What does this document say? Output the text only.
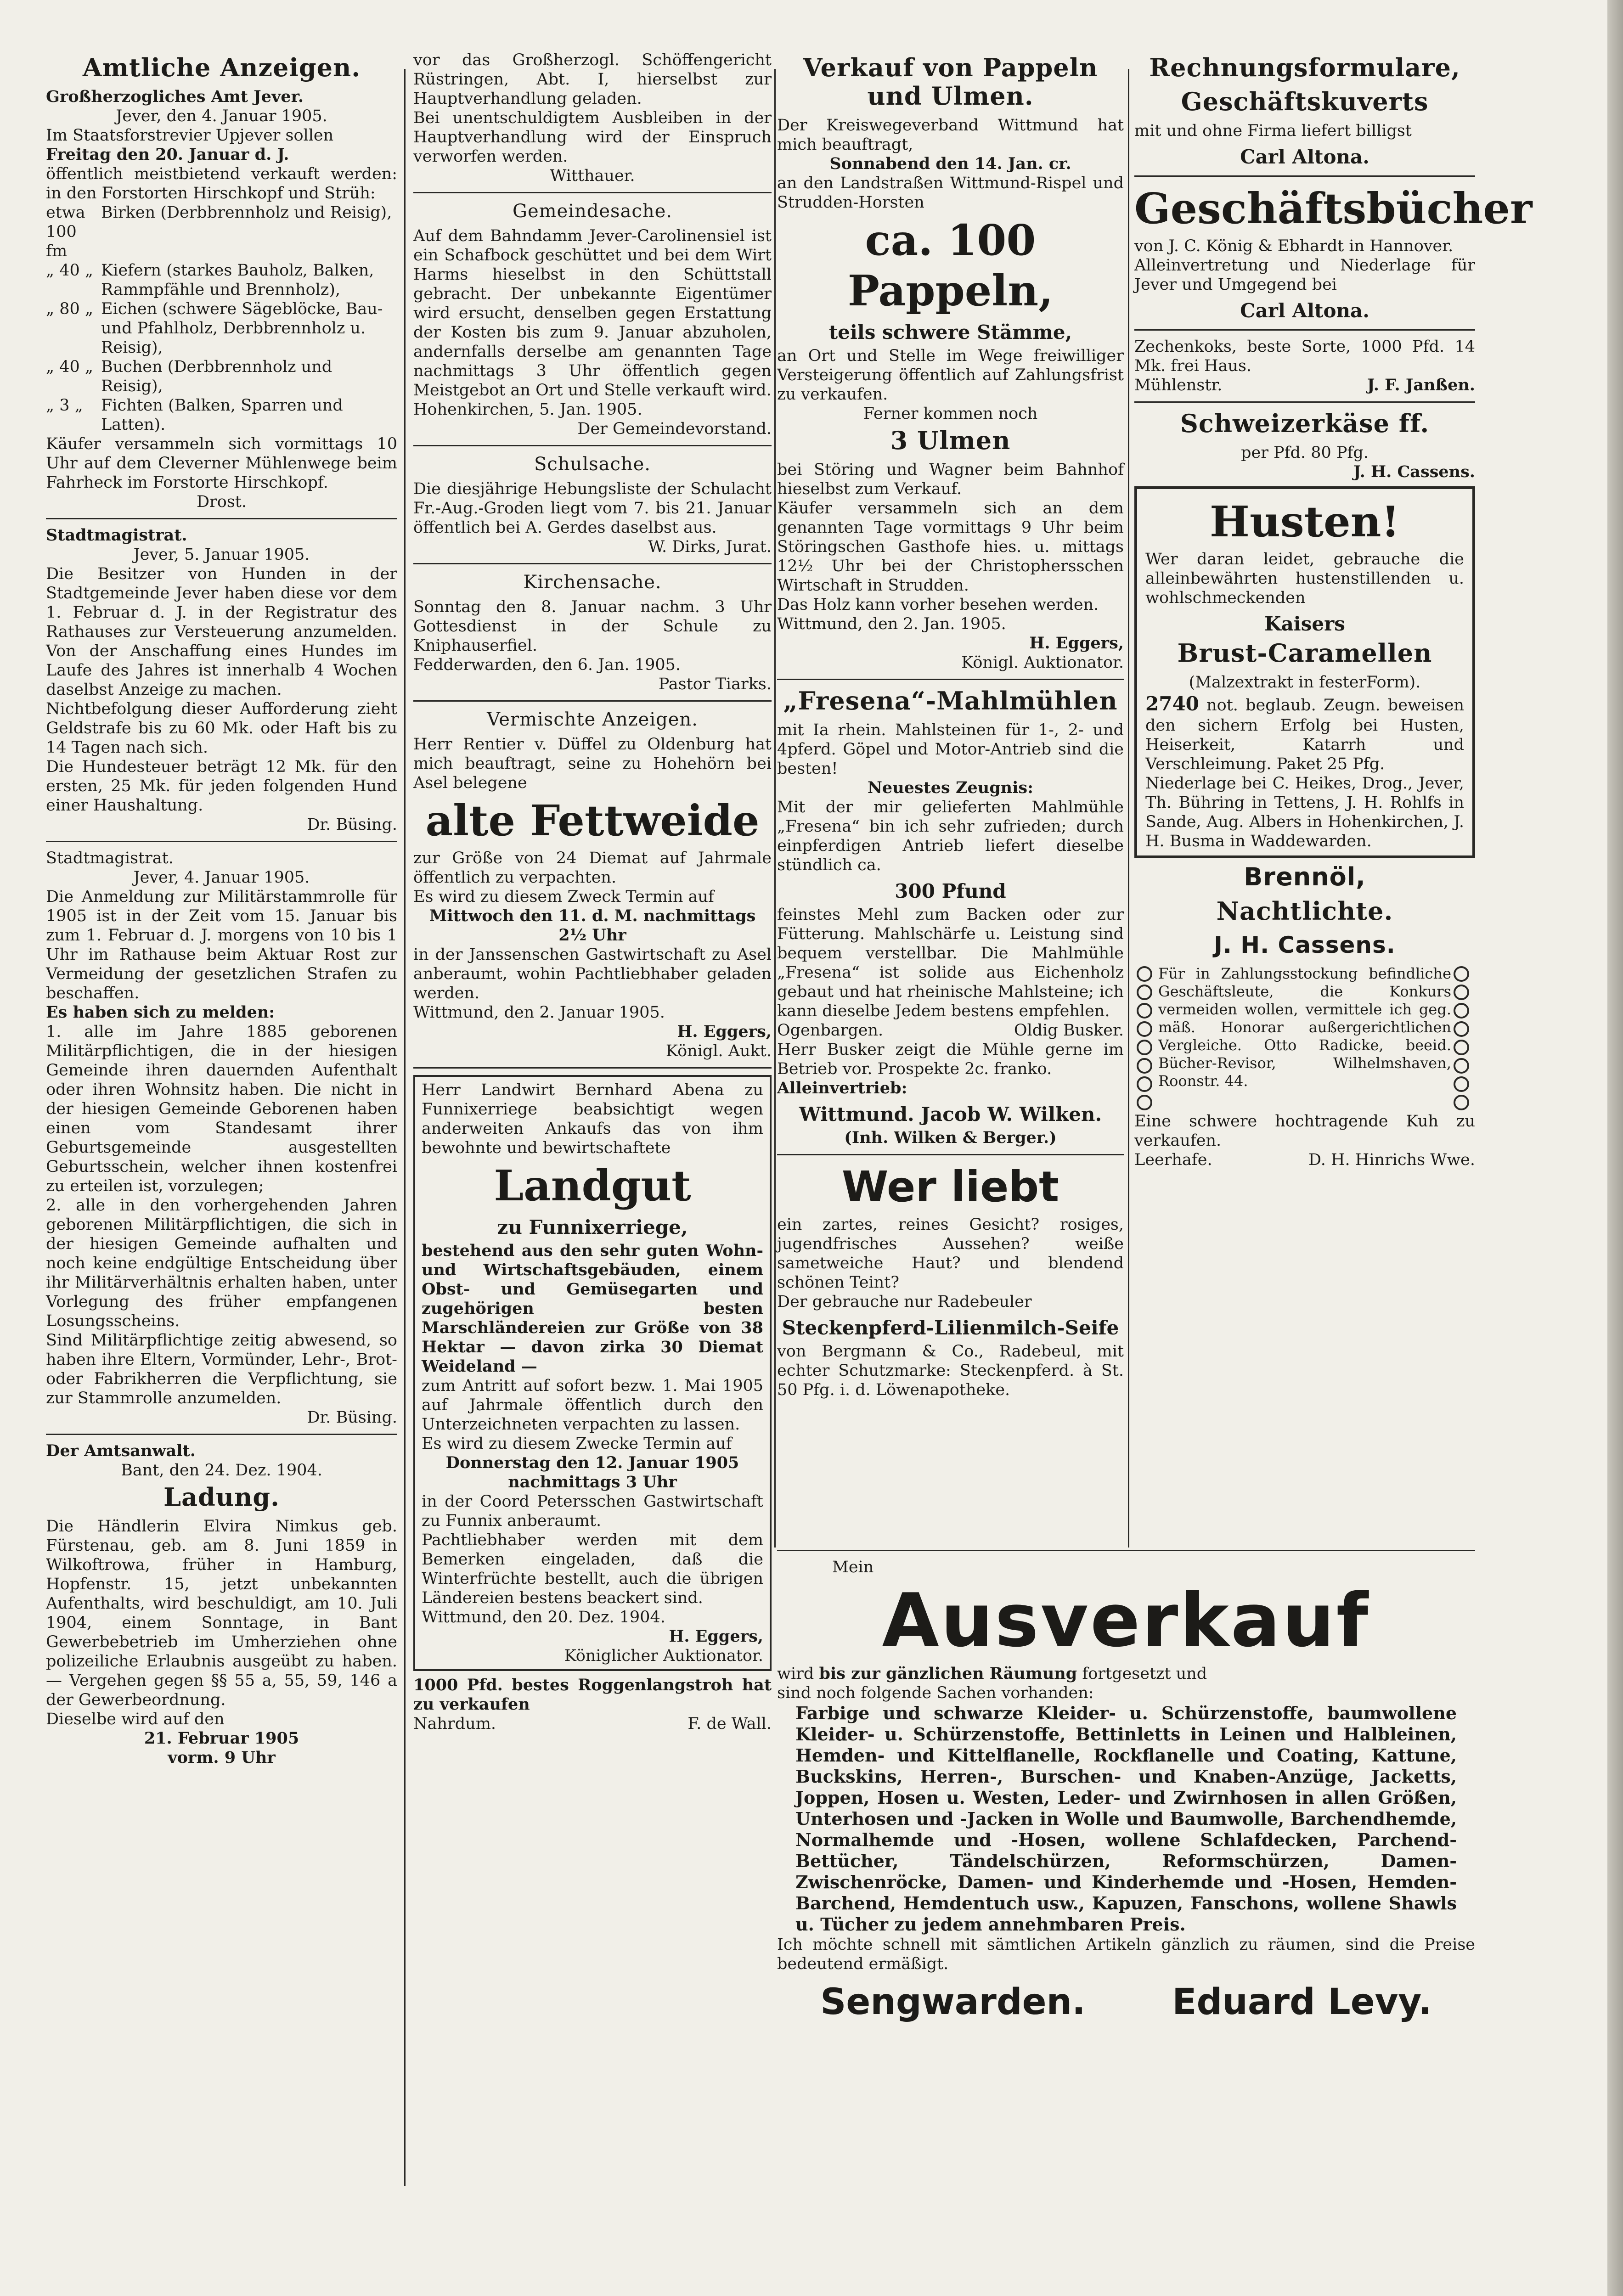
Amtliche Anzeigen.

Großherzogliches Amt Jever.

Jever, den 4. Januar 1905.

Im Staatsforstrevier Upjever sollen

Freitag den 20. Januar d. J.

öffentlich meistbietend verkauft werden: in den Forstorten Hirschkopf und Strüh:

etwa 100 fm
Birken (Derbbrennholz und Reisig),
„ 40 „ Kiefern (starkes Bauholz, Balken, Rammpfähle und Brennholz),
„ 80 „ Eichen (schwere Sägeblöcke, Bau- und Pfahlholz, Derbbrennholz u. Reisig),
„ 40 „ Buchen (Derbbrennholz und Reisig),
„ 3 „	Fichten (Balken, Sparren und Latten).

Käufer versammeln sich vormittags 10 Uhr auf dem Cleverner Mühlenwege beim Fahrheck im Forstorte Hirschkopf.

Drost.

Stadtmagistrat.

Jever, 5. Januar 1905.

Die Besitzer von Hunden in der Stadtgemeinde Jever haben diese vor dem 1. Februar d. J. in der Registratur des Rathauses zur Versteuerung anzumelden. Von der Anschaffung eines Hundes im Laufe des Jahres ist innerhalb 4 Wochen daselbst Anzeige zu machen.

Nichtbefolgung dieser Aufforderung zieht Geldstrafe bis zu 60 Mk. oder Haft bis zu 14 Tagen nach sich.

Die Hundesteuer beträgt 12 Mk. für den ersten, 25 Mk. für jeden folgenden Hund einer Haushaltung.

Dr. Büsing.

Stadtmagistrat.

Jever, 4. Januar 1905.

Die Anmeldung zur Militärstammrolle für 1905 ist in der Zeit vom 15. Januar bis zum 1. Februar d. J. morgens von 10 bis 1 Uhr im Rathause beim Aktuar Rost zur Vermeidung der gesetzlichen Strafen zu beschaffen.

Es haben sich zu melden:

1. alle im Jahre 1885 geborenen Militärpflichtigen, die in der hiesigen Gemeinde ihren dauernden Aufenthalt oder ihren Wohnsitz haben. Die nicht in der hiesigen Gemeinde Geborenen haben einen vom Standesamt ihrer Geburtsgemeinde ausgestellten Geburtsschein, welcher ihnen kostenfrei zu erteilen ist, vorzulegen;

2. alle in den vorhergehenden Jahren geborenen Militärpflichtigen, die sich in der hiesigen Gemeinde aufhalten und noch keine endgültige Entscheidung über ihr Militärverhältnis erhalten haben, unter Vorlegung des früher empfangenen Losungsscheins.

Sind Militärpflichtige zeitig abwesend, so haben ihre Eltern, Vormünder, Lehr-, Brot- oder Fabrikherren die Verpflichtung, sie zur Stammrolle anzumelden.

Dr. Büsing.

Der Amtsanwalt.

Bant, den 24. Dez. 1904.

Ladung.

Die Händlerin Elvira Nimkus geb. Fürstenau, geb. am 8. Juni 1859 in Wilkoftrowa, früher in Hamburg, Hopfenstr. 15, jetzt unbekannten Aufenthalts, wird beschuldigt, am 10. Juli 1904, einem Sonntage, in Bant Gewerbebetrieb im Umherziehen ohne polizeiliche Erlaubnis ausgeübt zu haben. — Vergehen gegen §§ 55 a, 55, 59, 146 a der Gewerbeordnung.

Dieselbe wird auf den

21. Februar 1905

vorm. 9 Uhr

vor das Großherzogl. Schöffengericht Rüstringen, Abt. I, hierselbst zur Hauptverhandlung geladen.

Bei unentschuldigtem Ausbleiben in der Hauptverhandlung wird der Einspruch verworfen werden.

Witthauer.

Gemeindesache.

Auf dem Bahndamm Jever-Carolinensiel ist ein Schafbock geschüttet und bei dem Wirt Harms hieselbst in den Schüttstall gebracht. Der unbekannte Eigentümer wird ersucht, denselben gegen Erstattung der Kosten bis zum 9. Januar abzuholen, andernfalls derselbe am genannten Tage nachmittags 3 Uhr öffentlich gegen Meistgebot an Ort und Stelle verkauft wird.

Hohenkirchen, 5. Jan. 1905.

Der Gemeindevorstand.

Schulsache.

Die diesjährige Hebungsliste der Schulacht Fr.-Aug.-Groden liegt vom 7. bis 21. Januar öffentlich bei A. Gerdes daselbst aus.

W. Dirks, Jurat.

Kirchensache.

Sonntag den 8. Januar nachm. 3 Uhr Gottesdienst in der Schule zu Kniphauserfiel.

Fedderwarden, den 6. Jan. 1905.

Pastor Tiarks.

Vermischte Anzeigen.

Herr Rentier v. Düffel zu Oldenburg hat mich beauftragt, seine zu Hohehörn bei Asel belegene

alte Fettweide

zur Größe von 24 Diemat auf Jahrmale öffentlich zu verpachten.

Es wird zu diesem Zweck Termin auf

Mittwoch den 11. d. M. nachmittags 2½ Uhr

in der Janssenschen Gastwirtschaft zu Asel anberaumt, wohin Pachtliebhaber geladen werden.

Wittmund, den 2. Januar 1905.

H. Eggers,

Königl. Aukt.

Herr Landwirt Bernhard Abena zu Funnixerriege beabsichtigt wegen anderweiten Ankaufs das von ihm bewohnte und bewirtschaftete

Landgut

zu Funnixerriege,

bestehend aus den sehr guten Wohn- und Wirtschaftsgebäuden, einem Obst- und Gemüsegarten und zugehörigen besten Marschländereien zur Größe von 38 Hektar — davon zirka 30 Diemat Weideland —

zum Antritt auf sofort bezw. 1. Mai 1905 auf Jahrmale öffentlich durch den Unterzeichneten verpachten zu lassen.

Es wird zu diesem Zwecke Termin auf

Donnerstag den 12. Januar 1905 nachmittags 3 Uhr

in der Coord Petersschen Gastwirtschaft zu Funnix anberaumt.

Pachtliebhaber werden mit dem Bemerken eingeladen, daß die Winterfrüchte bestellt, auch die übrigen Ländereien bestens beackert sind.

Wittmund, den 20. Dez. 1904.

H. Eggers,

Königlicher Auktionator.

1000 Pfd. bestes Roggenlangstroh hat zu verkaufen

Nahrdum.	F. de Wall.
Verkauf von Pappeln und Ulmen.

Der Kreiswegeverband Wittmund hat mich beauftragt,

Sonnabend den 14. Jan. cr.

an den Landstraßen Wittmund-Rispel und Strudden-Horsten

ca. 100 Pappeln,
teils schwere Stämme,

an Ort und Stelle im Wege freiwilliger Versteigerung öffentlich auf Zahlungsfrist zu verkaufen.

Ferner kommen noch

3 Ulmen

bei Störing und Wagner beim Bahnhof hieselbst zum Verkauf.

Käufer versammeln sich an dem genannten Tage vormittags 9 Uhr beim Störingschen Gasthofe hies. u. mittags 12½ Uhr bei der Christophersschen Wirtschaft in Strudden.

Das Holz kann vorher besehen werden.

Wittmund, den 2. Jan. 1905.

H. Eggers,

Königl. Auktionator.

„Fresena“-Mahlmühlen

mit Ia rhein. Mahlsteinen für 1-, 2- und 4pferd. Göpel und Motor-Antrieb sind die besten!

Neuestes Zeugnis:

Mit der mir gelieferten Mahlmühle „Fresena“ bin ich sehr zufrieden; durch einpferdigen Antrieb liefert dieselbe stündlich ca.

300 Pfund

feinstes Mehl zum Backen oder zur Fütterung. Mahlschärfe u. Leistung sind bequem verstellbar. Die Mahlmühle „Fresena“ ist solide aus Eichenholz gebaut und hat rheinische Mahlsteine; ich kann dieselbe Jedem bestens empfehlen.

Ogenbargen.	Oldig Busker.

Herr Busker zeigt die Mühle gerne im Betrieb vor. Prospekte 2c. franko.

Alleinvertrieb:

Wittmund. Jacob W. Wilken.

(Inh. Wilken & Berger.)

Wer liebt

ein zartes, reines Gesicht? rosiges, jugendfrisches Aussehen? weiße sametweiche Haut? und blendend schönen Teint?

Der gebrauche nur Radebeuler

Steckenpferd-Lilienmilch-Seife

von Bergmann & Co., Radebeul, mit echter Schutzmarke: Steckenpferd. à St. 50 Pfg. i. d. Löwenapotheke.

Rechnungsformulare,
Geschäftskuverts

mit und ohne Firma liefert billigst

Carl Altona.

Geschäftsbücher

von J. C. König & Ebhardt in Hannover.

Alleinvertretung und Niederlage für Jever und Umgegend bei

Carl Altona.

Zechenkoks, beste Sorte, 1000 Pfd. 14 Mk. frei Haus.

Mühlenstr.	J. F. Janßen.
Schweizerkäse ff.

per Pfd. 80 Pfg.

J. H. Cassens.

Husten!

Wer daran leidet, gebrauche die alleinbewährten hustenstillenden u. wohlschmeckenden

Kaisers

Brust-Caramellen

(Malzextrakt in festerForm).

2740 not. beglaub. Zeugn. beweisen den sichern Erfolg bei Husten, Heiserkeit, Katarrh und Verschleimung. Paket 25 Pfg.

Niederlage bei C. Heikes, Drog., Jever, Th. Bühring in Tettens, J. H. Rohlfs in Sande, Aug. Albers in Hohenkirchen, J. H. Busma in Waddewarden.

Brennöl,
Nachtlichte.
J. H. Cassens.

Für in Zahlungsstockung befindliche Geschäftsleute, die Konkurs vermeiden wollen, vermittele ich geg. mäß. Honorar außergerichtlichen Vergleiche. Otto Radicke, beeid. Bücher-Revisor, Wilhelmshaven, Roonstr. 44.

Eine schwere hochtragende Kuh zu verkaufen.

Leerhafe.	D. H. Hinrichs Wwe.

Mein

Ausverkauf

wird bis zur gänzlichen Räumung fortgesetzt und

sind noch folgende Sachen vorhanden:

Farbige und schwarze Kleider- u. Schürzenstoffe, baumwollene Kleider- u. Schürzenstoffe, Bettinletts in Leinen und Halbleinen, Hemden- und Kittelflanelle, Rockflanelle und Coating, Kattune, Buckskins, Herren-, Burschen- und Knaben-Anzüge, Jacketts, Joppen, Hosen u. Westen, Leder- und Zwirnhosen in allen Größen, Unterhosen und -Jacken in Wolle und Baumwolle, Barchendhemde, Normalhemde und -Hosen, wollene Schlafdecken, Parchend-Bettücher, Tändelschürzen, Reformschürzen, Damen-Zwischenröcke, Damen- und Kinderhemde und -Hosen, Hemden-Barchend, Hemdentuch usw., Kapuzen, Fanschons, wollene Shawls u. Tücher zu jedem annehmbaren Preis.

Ich möchte schnell mit sämtlichen Artikeln gänzlich zu räumen, sind die Preise bedeutend ermäßigt.

Sengwarden. Eduard Levy.
